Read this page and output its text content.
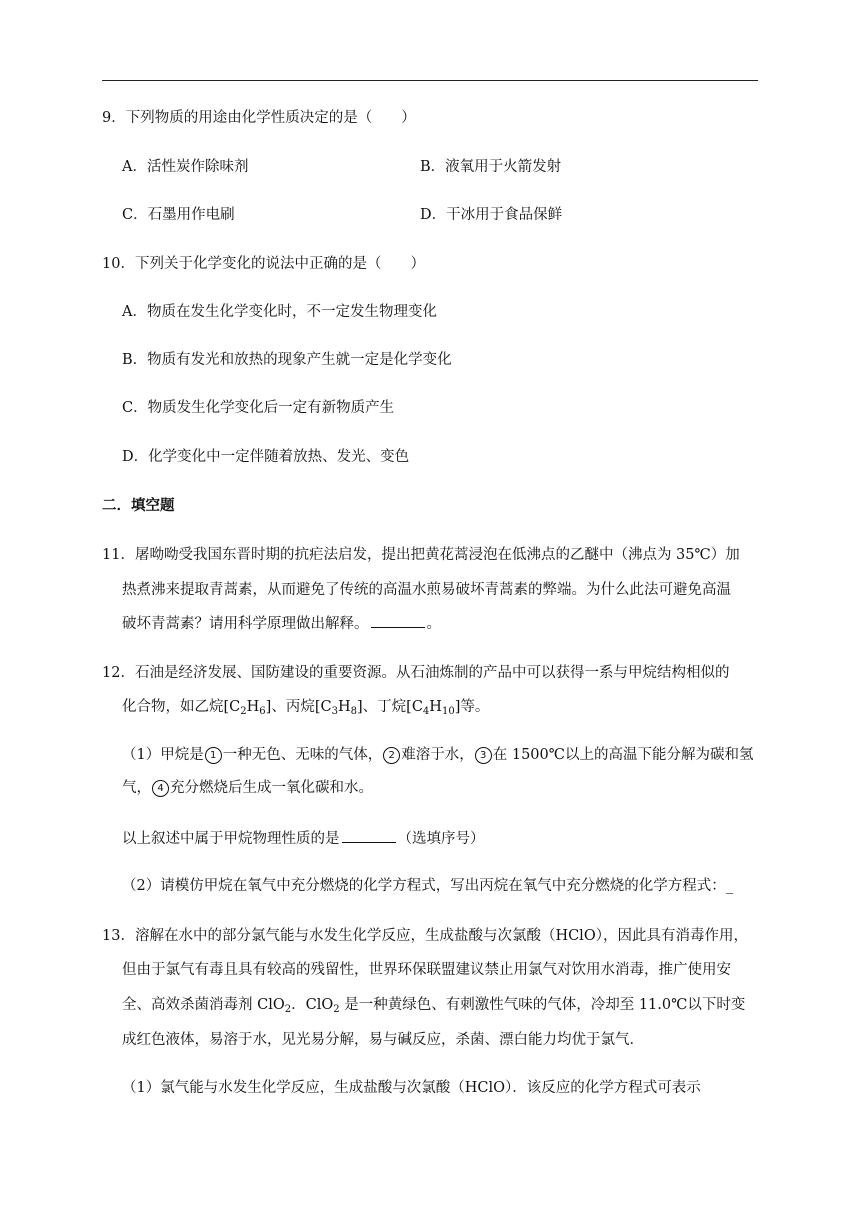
9．下列物质的用途由化学性质决定的是（　　）
A．活性炭作除味剂	B．液氧用于火箭发射
C．石墨用作电刷	D．干冰用于食品保鲜
10．下列关于化学变化的说法中正确的是（　　）
A．物质在发生化学变化时，不一定发生物理变化
B．物质有发光和放热的现象产生就一定是化学变化
C．物质发生化学变化后一定有新物质产生
D．化学变化中一定伴随着放热、发光、变色
二．填空题
11．屠呦呦受我国东晋时期的抗疟法启发，提出把黄花蒿浸泡在低沸点的乙醚中（沸点为 35℃）加
热煮沸来提取青蒿素，从而避免了传统的高温水煎易破坏青蒿素的弊端。为什么此法可避免高温
破坏青蒿素？请用科学原理做出解释。	。
12．石油是经济发展、国防建设的重要资源。从石油炼制的产品中可以获得一系与甲烷结构相似的
化合物，如乙烷$[C_2H_6]$、丙烷$[C_3H_8]$、丁烷$[C_4H_{10}]$等。
（1）甲烷是 1 一种无色、无味的气体， 2 难溶于水， 3 在 1500℃以上的高温下能分解为碳和氢
气， 4 充分燃烧后生成一氧化碳和水。
以上叙述中属于甲烷物理性质的是	（选填序号）
（2）请模仿甲烷在氧气中充分燃烧的化学方程式，写出丙烷在氧气中充分燃烧的化学方程式：_
13．溶解在水中的部分氯气能与水发生化学反应，生成盐酸与次氯酸（HClO），因此具有消毒作用，
但由于氯气有毒且具有较高的残留性，世界环保联盟建议禁止用氯气对饮用水消毒，推广使用安
全、高效杀菌消毒剂 ClO$_2$．ClO$_2$ 是一种黄绿色、有刺激性气味的气体，冷却至 11.0℃以下时变
成红色液体，易溶于水，见光易分解，易与碱反应，杀菌、漂白能力均优于氯气．
（1）氯气能与水发生化学反应，生成盐酸与次氯酸（HClO）．该反应的化学方程式可表示
